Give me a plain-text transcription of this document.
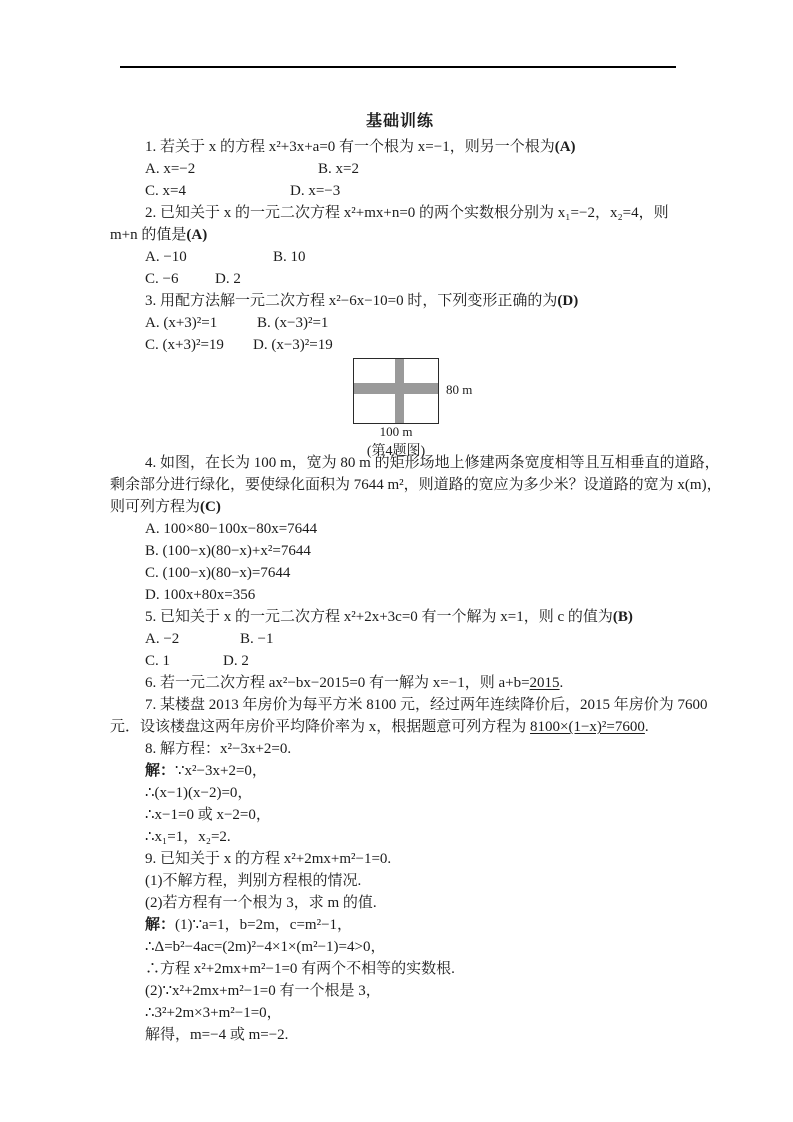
基础训练
1. 若关于 x 的方程 x²+3x+a=0 有一个根为 x=−1，则另一个根为(A)
A. x=−2	B. x=2
C. x=4	D. x=−3
2. 已知关于 x 的一元二次方程 x²+mx+n=0 的两个实数根分别为 x₁=−2，x₂=4，则
m+n 的值是(A)
A. −10	B. 10
C. −6 D. 2
3. 用配方法解一元二次方程 x²−6x−10=0 时，下列变形正确的为(D)
A. (x+3)²=1	B. (x−3)²=1
C. (x+3)²=19 D. (x−3)²=19
80 m
100 m
(第4题图)
4. 如图，在长为 100 m，宽为 80 m 的矩形场地上修建两条宽度相等且互相垂直的道路，
剩余部分进行绿化，要使绿化面积为 7644 m²，则道路的宽应为多少米？设道路的宽为 x(m)，
则可列方程为(C)
A. 100×80−100x−80x=7644
B. (100−x)(80−x)+x²=7644
C. (100−x)(80−x)=7644
D. 100x+80x=356
5. 已知关于 x 的一元二次方程 x²+2x+3c=0 有一个解为 x=1，则 c 的值为(B)
A. −2	B. −1
C. 1	D. 2
6. 若一元二次方程 ax²−bx−2015=0 有一解为 x=−1，则 a+b=2015.
7. 某楼盘 2013 年房价为每平方米 8100 元，经过两年连续降价后，2015 年房价为 7600
元．设该楼盘这两年房价平均降价率为 x，根据题意可列方程为 8100×(1−x)²=7600.
8. 解方程：x²−3x+2=0.
解：∵x²−3x+2=0，
∴(x−1)(x−2)=0，
∴x−1=0 或 x−2=0，
∴x₁=1，x₂=2.
9. 已知关于 x 的方程 x²+2mx+m²−1=0.
(1)不解方程，判别方程根的情况.
(2)若方程有一个根为 3，求 m 的值.
解：(1)∵a=1，b=2m，c=m²−1，
∴Δ=b²−4ac=(2m)²−4×1×(m²−1)=4>0，
∴方程 x²+2mx+m²−1=0 有两个不相等的实数根.
(2)∵x²+2mx+m²−1=0 有一个根是 3，
∴3²+2m×3+m²−1=0，
解得，m=−4 或 m=−2.
